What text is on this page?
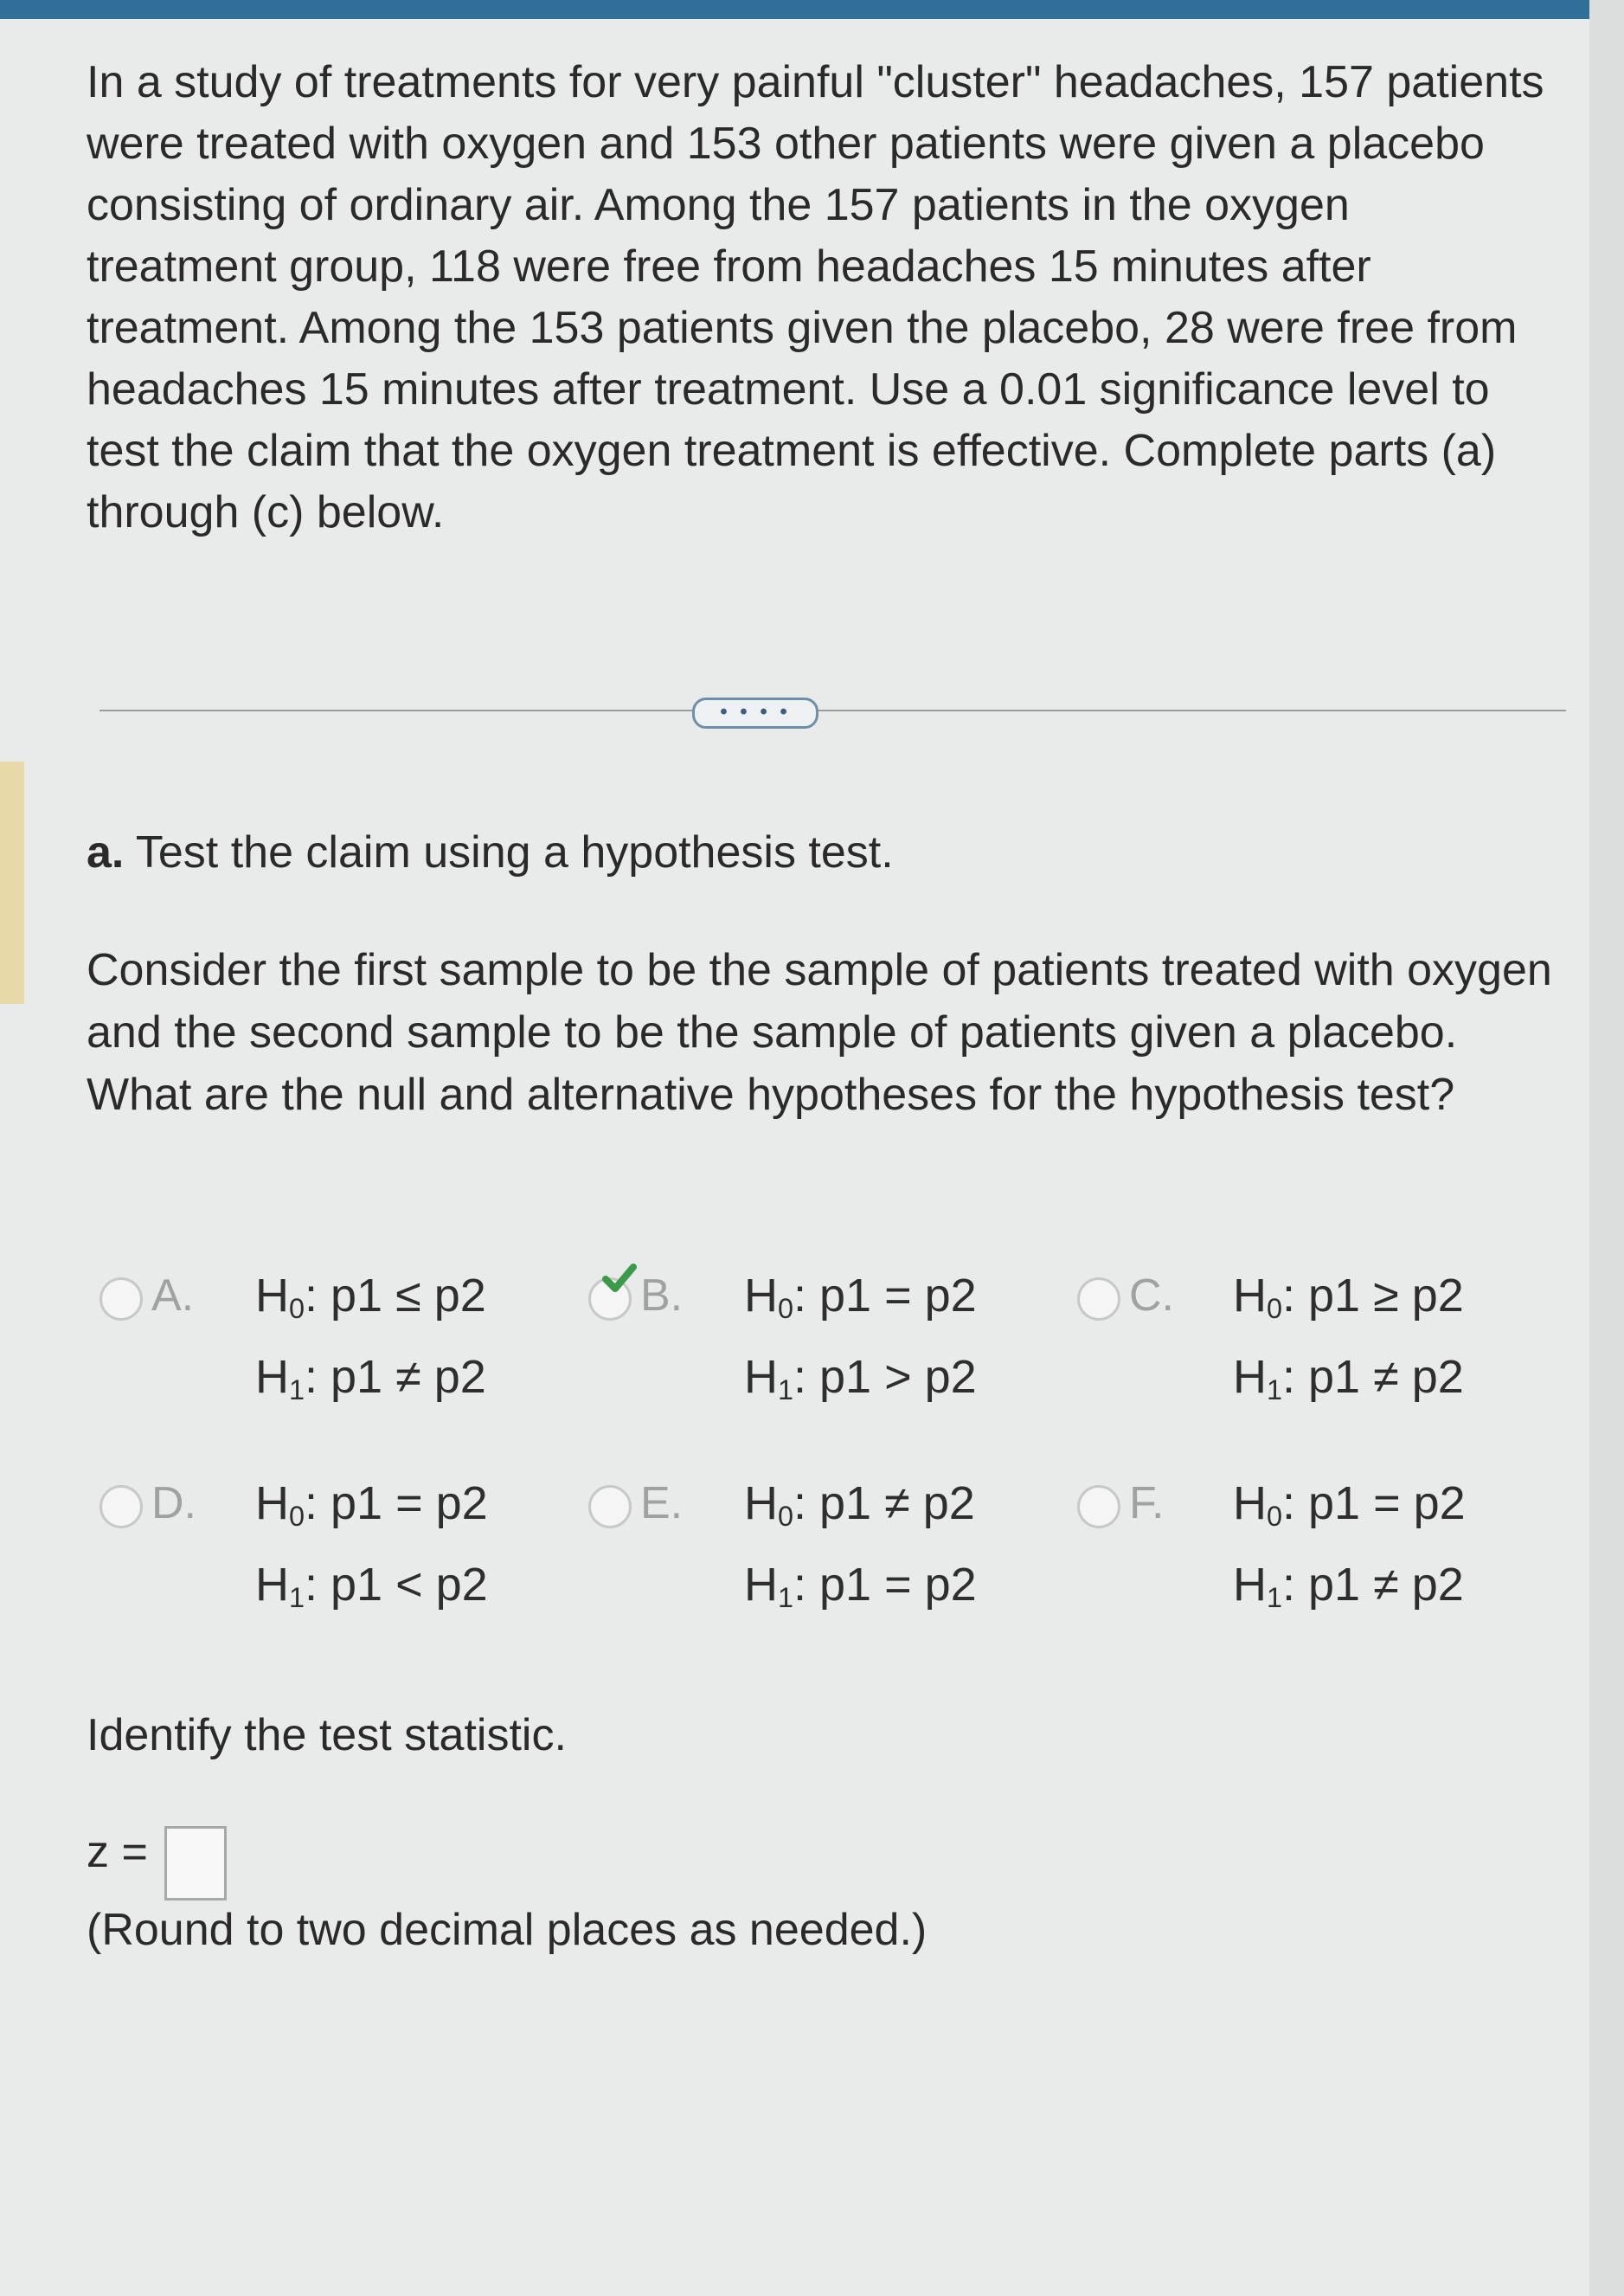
In a study of treatments for very painful "cluster" headaches, 157 patients were treated with oxygen and 153 other patients were given a placebo consisting of ordinary air. Among the 157 patients in the oxygen treatment group, 118 were free from headaches 15 minutes after treatment. Among the 153 patients given the placebo, 28 were free from headaches 15 minutes after treatment. Use a 0.01 significance level to test the claim that the oxygen treatment is effective. Complete parts (a) through (c) below.

• • • •
a. Test the claim using a hypothesis test.

Consider the first sample to be the sample of patients treated with oxygen and the second sample to be the sample of patients given a placebo. What are the null and alternative hypotheses for the hypothesis test?

A. $H_0$: p1 ≤ p2
$H_1$: p1 ≠ p2
B. $H_0$: p1 = p2
$H_1$: p1 > p2
C. $H_0$: p1 ≥ p2
$H_1$: p1 ≠ p2
D. $H_0$: p1 = p2
$H_1$: p1 < p2
E. $H_0$: p1 ≠ p2
$H_1$: p1 = p2
F. $H_0$: p1 = p2
$H_1$: p1 ≠ p2
Identify the test statistic.
z =
(Round to two decimal places as needed.)
